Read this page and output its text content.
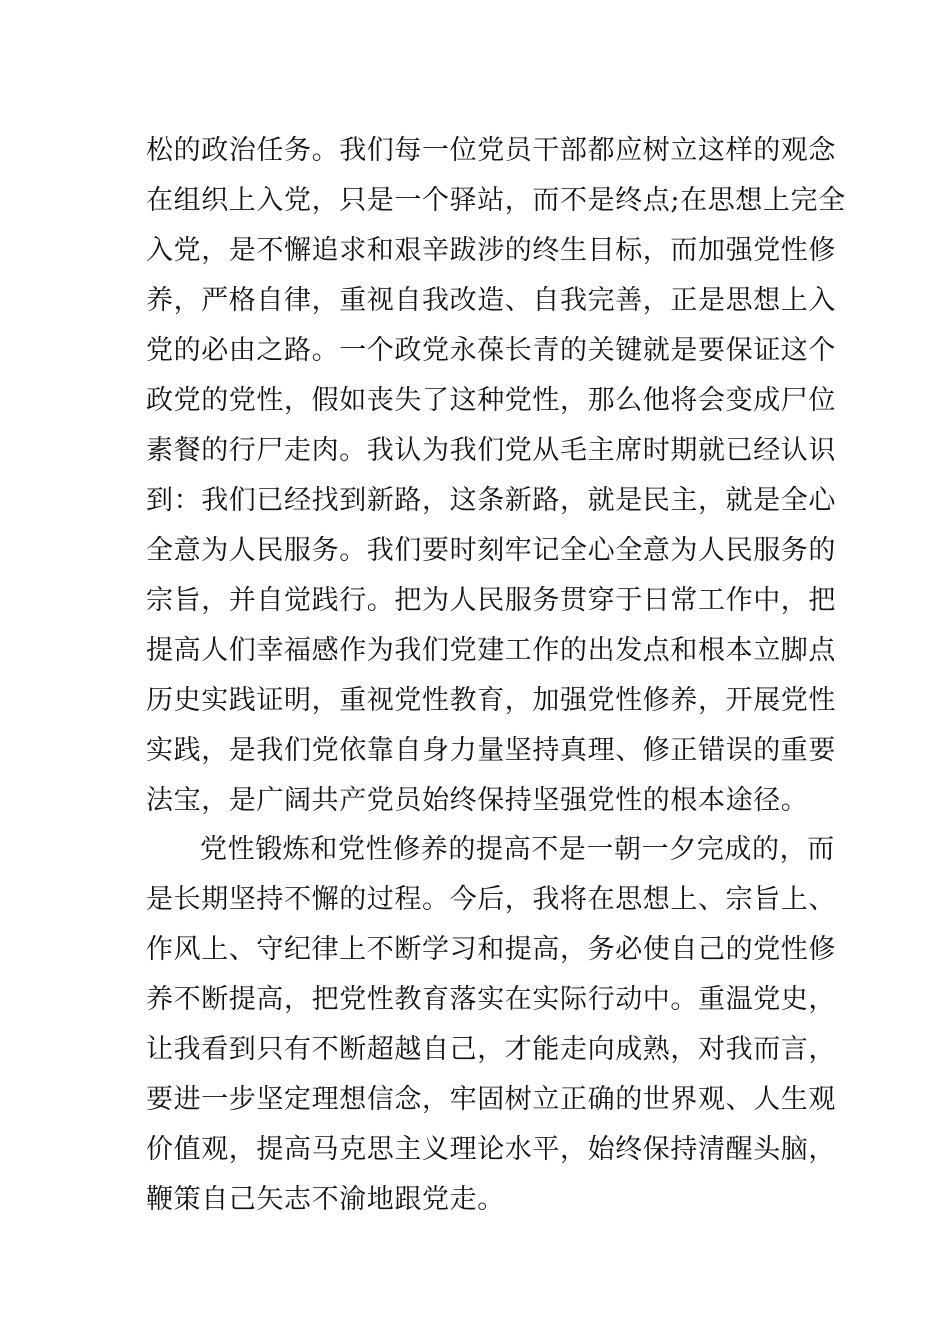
松的政治任务。我们每一位党员干部都应树立这样的观念
在组织上入党，只是一个驿站，而不是终点;在思想上完全
入党，是不懈追求和艰辛跋涉的终生目标，而加强党性修
养，严格自律，重视自我改造、自我完善，正是思想上入
党的必由之路。一个政党永葆长青的关键就是要保证这个
政党的党性，假如丧失了这种党性，那么他将会变成尸位
素餐的行尸走肉。我认为我们党从毛主席时期就已经认识
到：我们已经找到新路，这条新路，就是民主，就是全心
全意为人民服务。我们要时刻牢记全心全意为人民服务的
宗旨，并自觉践行。把为人民服务贯穿于日常工作中，把
提高人们幸福感作为我们党建工作的出发点和根本立脚点
历史实践证明，重视党性教育，加强党性修养，开展党性
实践，是我们党依靠自身力量坚持真理、修正错误的重要
法宝，是广阔共产党员始终保持坚强党性的根本途径。
党性锻炼和党性修养的提高不是一朝一夕完成的，而
是长期坚持不懈的过程。今后，我将在思想上、宗旨上、
作风上、守纪律上不断学习和提高，务必使自己的党性修
养不断提高，把党性教育落实在实际行动中。重温党史，
让我看到只有不断超越自己，才能走向成熟，对我而言，
要进一步坚定理想信念，牢固树立正确的世界观、人生观
价值观，提高马克思主义理论水平，始终保持清醒头脑，
鞭策自己矢志不渝地跟党走。
